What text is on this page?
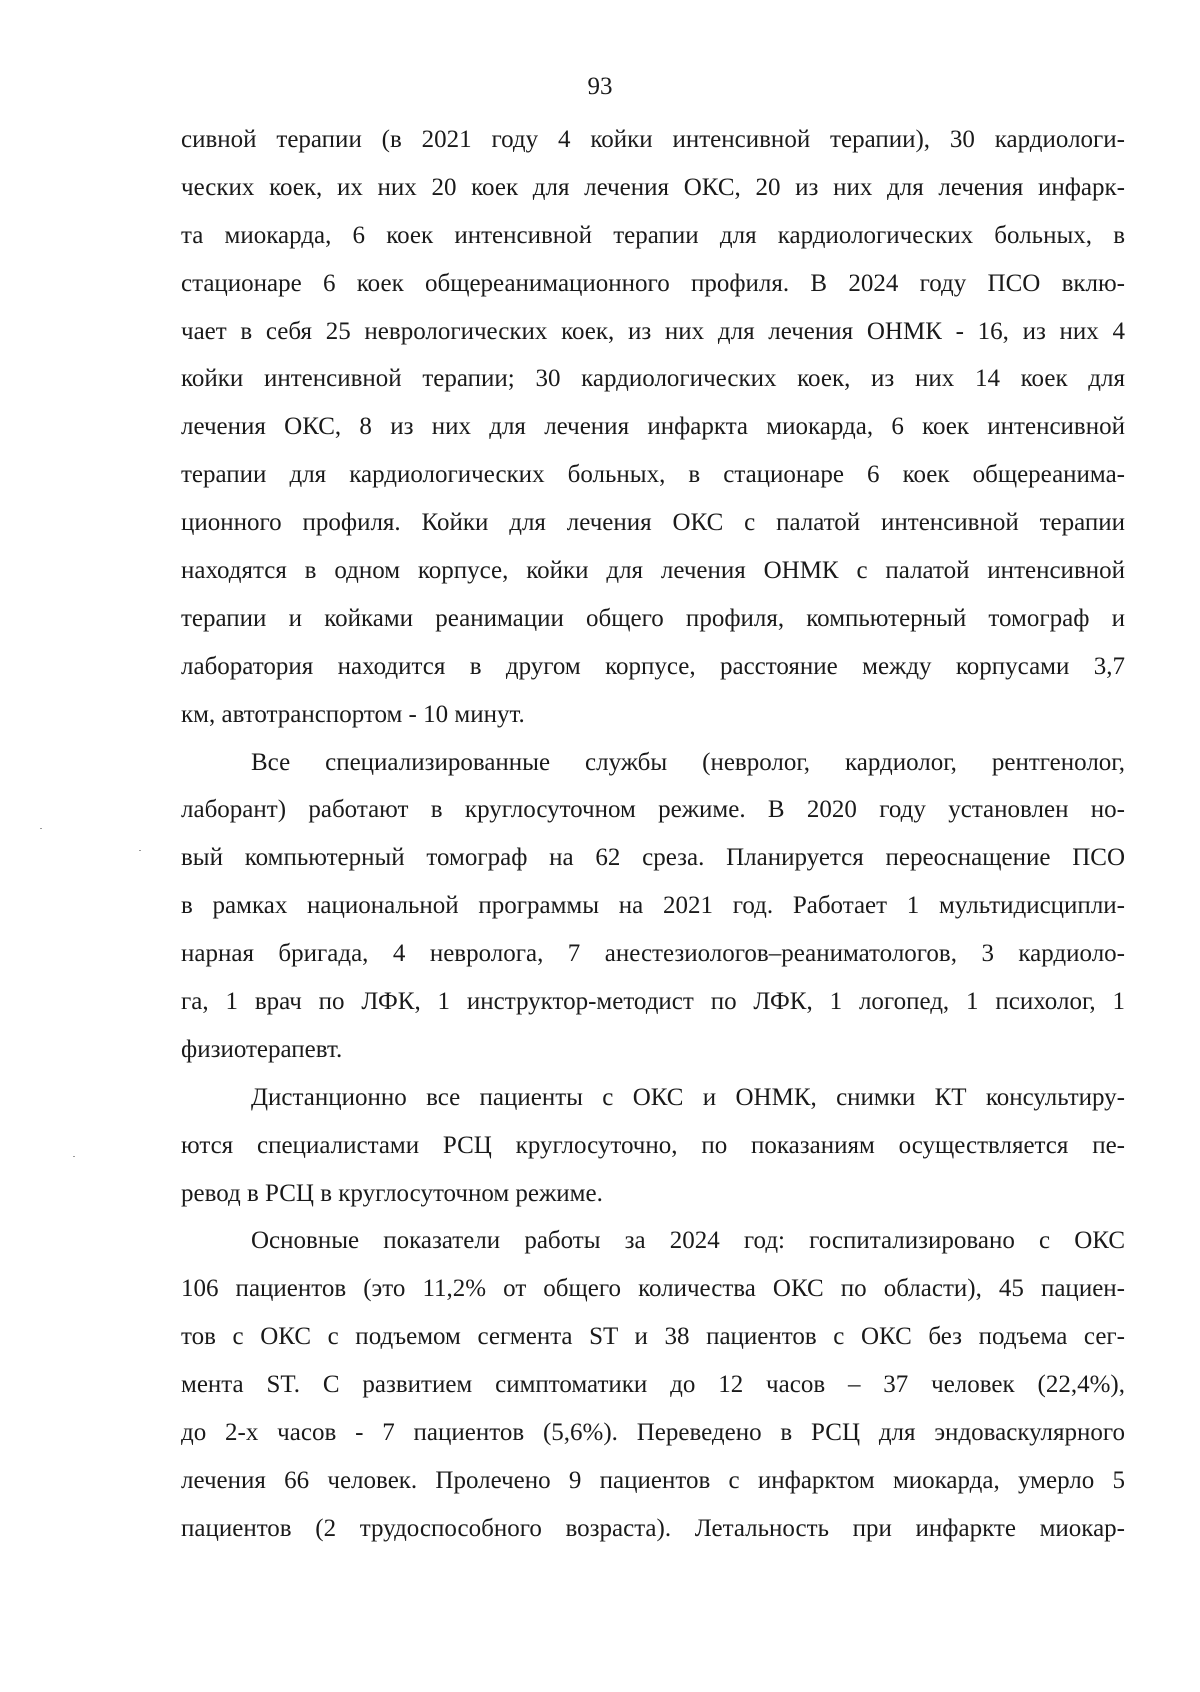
93
сивной терапии (в 2021 году 4 койки интенсивной терапии), 30 кардиологи-
ческих коек, их них 20 коек для лечения ОКС, 20 из них для лечения инфарк-
та миокарда, 6 коек интенсивной терапии для кардиологических больных, в
стационаре 6 коек общереанимационного профиля. В 2024 году ПСО вклю-
чает в себя 25 неврологических коек, из них для лечения ОНМК - 16, из них 4
койки интенсивной терапии; 30 кардиологических коек, из них 14 коек для
лечения ОКС, 8 из них для лечения инфаркта миокарда, 6 коек интенсивной
терапии для кардиологических больных, в стационаре 6 коек общереанима-
ционного профиля. Койки для лечения ОКС с палатой интенсивной терапии
находятся в одном корпусе, койки для лечения ОНМК с палатой интенсивной
терапии и койками реанимации общего профиля, компьютерный томограф и
лаборатория находится в другом корпусе, расстояние между корпусами 3,7
км, автотранспортом - 10 минут.
Все специализированные службы (невролог, кардиолог, рентгенолог,
лаборант) работают в круглосуточном режиме. В 2020 году установлен но-
вый компьютерный томограф на 62 среза. Планируется переоснащение ПСО
в рамках национальной программы на 2021 год. Работает 1 мультидисципли-
нарная бригада, 4 невролога, 7 анестезиологов–реаниматологов, 3 кардиоло-
га, 1 врач по ЛФК, 1 инструктор-методист по ЛФК, 1 логопед, 1 психолог, 1
физиотерапевт.
Дистанционно все пациенты с ОКС и ОНМК, снимки КТ консультиру-
ются специалистами РСЦ круглосуточно, по показаниям осуществляется пе-
ревод в РСЦ в круглосуточном режиме.
Основные показатели работы за 2024 год: госпитализировано с ОКС
106 пациентов (это 11,2% от общего количества ОКС по области), 45 пациен-
тов с ОКС с подъемом сегмента ST и 38 пациентов с ОКС без подъема сег-
мента ST. С развитием симптоматики до 12 часов – 37 человек (22,4%),
до 2-х часов - 7 пациентов (5,6%). Переведено в РСЦ для эндоваскулярного
лечения 66 человек. Пролечено 9 пациентов с инфарктом миокарда, умерло 5
пациентов (2 трудоспособного возраста). Летальность при инфаркте миокар-
